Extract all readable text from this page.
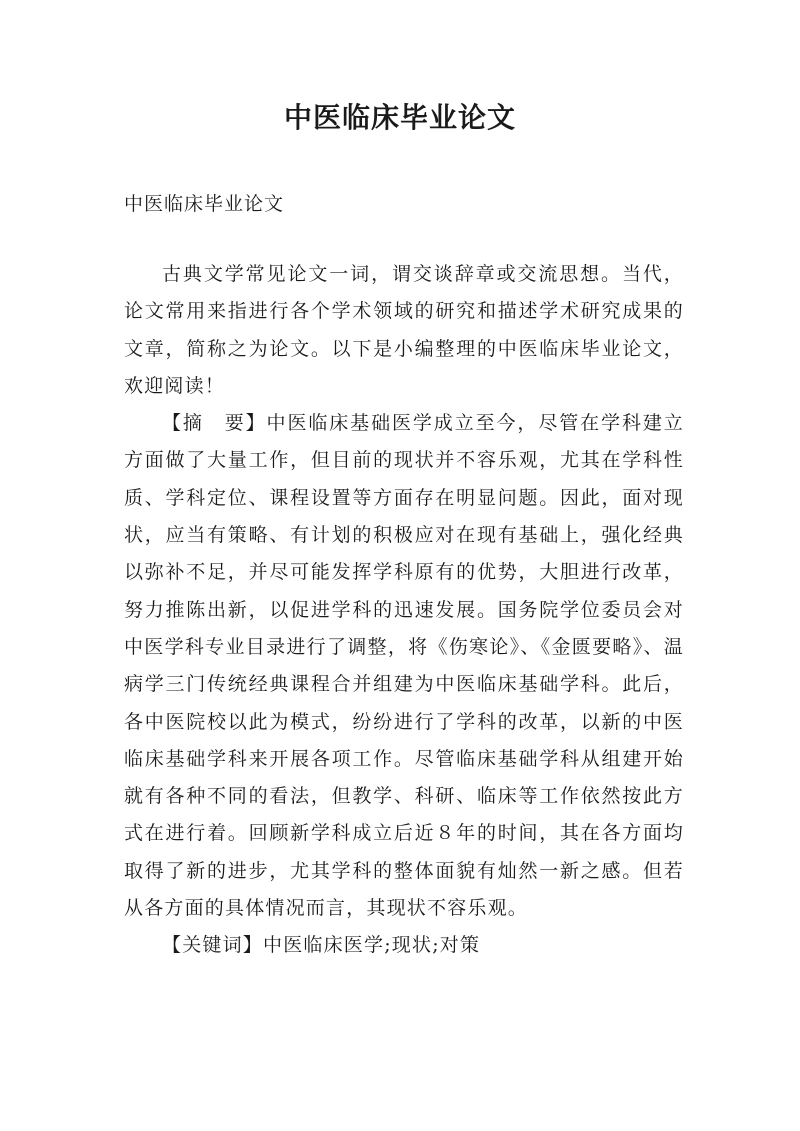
中医临床毕业论文

中医临床毕业论文

古典文学常见论文一词，谓交谈辞章或交流思想。当代，论文常用来指进行各个学术领域的研究和描述学术研究成果的文章，简称之为论文。以下是小编整理的中医临床毕业论文，欢迎阅读！

【摘　要】中医临床基础医学成立至今，尽管在学科建立方面做了大量工作，但目前的现状并不容乐观，尤其在学科性质、学科定位、课程设置等方面存在明显问题。因此，面对现状，应当有策略、有计划的积极应对在现有基础上，强化经典以弥补不足，并尽可能发挥学科原有的优势，大胆进行改革，努力推陈出新，以促进学科的迅速发展。国务院学位委员会对中医学科专业目录进行了调整，将《伤寒论》、《金匮要略》、温病学三门传统经典课程合并组建为中医临床基础学科。此后，各中医院校以此为模式，纷纷进行了学科的改革，以新的中医临床基础学科来开展各项工作。尽管临床基础学科从组建开始就有各种不同的看法，但教学、科研、临床等工作依然按此方式在进行着。回顾新学科成立后近８年的时间，其在各方面均取得了新的进步，尤其学科的整体面貌有灿然一新之感。但若从各方面的具体情况而言，其现状不容乐观。

【关键词】中医临床医学;现状;对策
